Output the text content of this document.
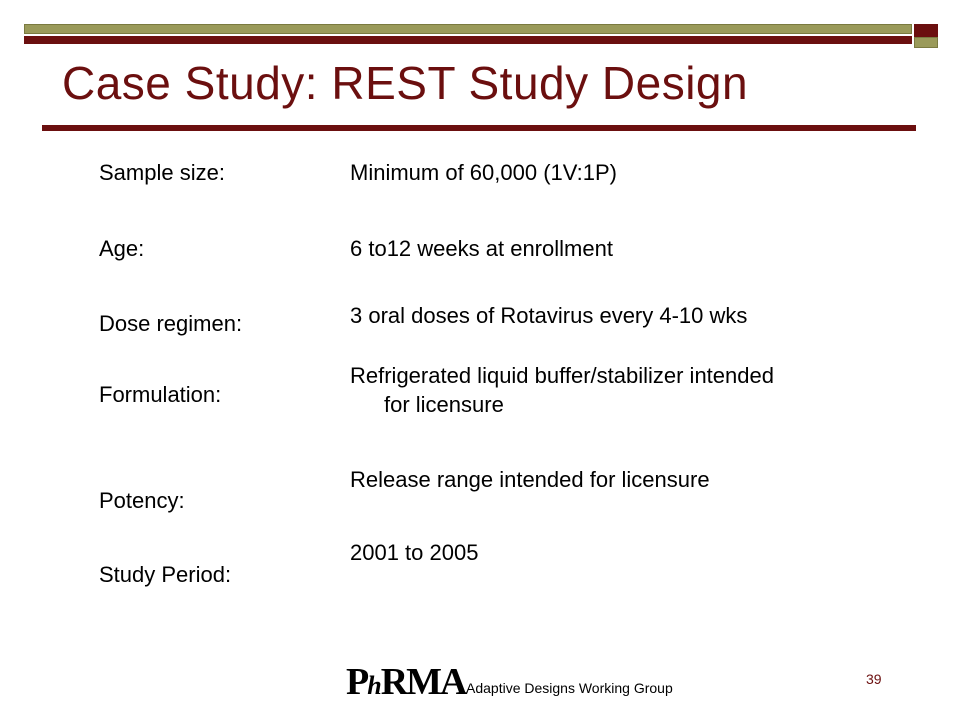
Case Study: REST Study Design
Sample size:	Minimum of 60,000 (1V:1P)
Age:	6 to12 weeks at enrollment
Dose regimen:	3 oral doses of Rotavirus every 4-10 wks
Formulation:
Refrigerated liquid buffer/stabilizer intended
for licensure
Potency:
Release range intended for licensure
Study Period:
2001 to 2005
PhRMA Adaptive Designs Working Group
39
